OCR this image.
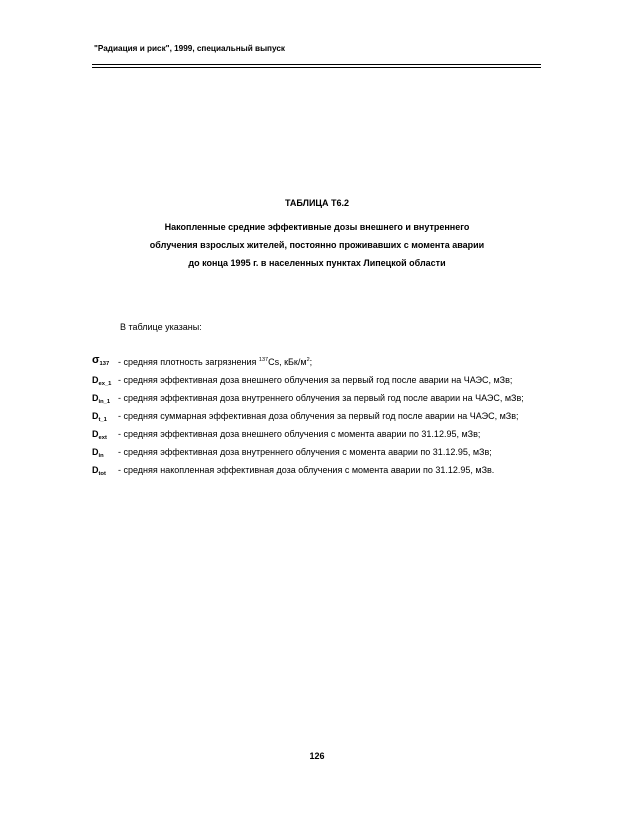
"Радиация и риск", 1999, специальный выпуск
ТАБЛИЦА Т6.2
Накопленные средние эффективные дозы внешнего и внутреннего
облучения взрослых жителей, постоянно проживавших с момента аварии
до конца 1995 г. в населенных пунктах Липецкой области
В таблице указаны:
$\sigma_{137}$ - средняя плотность загрязнения $^{137}$Cs, кБк/$м^2$;
$D_{ex\_1}$ - средняя эффективная доза внешнего облучения за первый год после аварии на ЧАЭС, мЗв;
$D_{in\_1}$ - средняя эффективная доза внутреннего облучения за первый год после аварии на ЧАЭС, мЗв;
$D_{t\_1}$ - средняя суммарная эффективная доза облучения за первый год после аварии на ЧАЭС, мЗв;
$D_{ext}$ - средняя эффективная доза внешнего облучения с момента аварии по 31.12.95, мЗв;
$D_{in}$ - средняя эффективная доза внутреннего облучения с момента аварии по 31.12.95, мЗв;
$D_{tot}$ - средняя накопленная эффективная доза облучения с момента аварии по 31.12.95, мЗв.
126
